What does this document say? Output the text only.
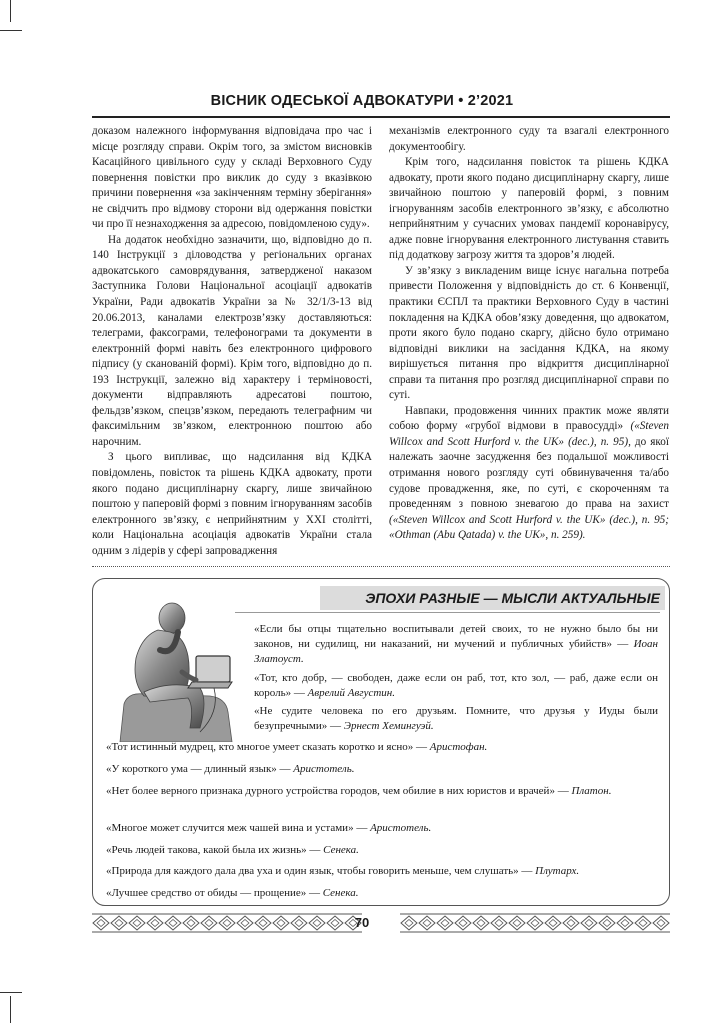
ВІСНИК ОДЕСЬКОЇ АДВОКАТУРИ • 2’2021

доказом належного інформування відповідача про час і місце розгляду справи. Окрім того, за змістом висновків Касаційного цивільного суду у складі Верховного Суду повернення повістки про виклик до суду з вказівкою причини повернення «за закінченням терміну зберігання» не свідчить про відмову сторони від одержання повістки чи про її незнаходження за адресою, повідомленою суду».

На додаток необхідно зазначити, що, відповідно до п. 140 Інструкції з діловодства у регіональних органах адвокатського самоврядування, затвердженої наказом Заступника Голови Національної асоціації адвокатів України, Ради адвокатів України за № 32/1/3-13 від 20.06.2013, каналами електрозв’язку доставляються: телеграми, факсограми, телефонограми та документи в електронній формі навіть без електронного цифрового підпису (у сканованій формі). Крім того, відповідно до п. 193 Інструкції, залежно від характеру і терміновості, документи відправляють адресатові поштою, фельдзв’язком, спецзв’язком, передають телеграфним чи факсимільним зв’язком, електронною поштою або нарочним.

З цього випливає, що надсилання від КДКА повідомлень, повісток та рішень КДКА адвокату, проти якого подано дисциплінарну скаргу, лише звичайною поштою у паперовій формі з повним ігноруванням засобів електронного зв’язку, є неприйнятним у XXI столітті, коли Національна асоціація адвокатів України стала одним з лідерів у сфері запровадження

механізмів електронного суду та взагалі електронного документообігу.

Крім того, надсилання повісток та рішень КДКА адвокату, проти якого подано дисциплінарну скаргу, лише звичайною поштою у паперовій формі, з повним ігноруванням засобів електронного зв’язку, є абсолютно неприйнятним у сучасних умовах пандемії коронавірусу, адже повне ігнорування електронного листування ставить під додаткову загрозу життя та здоров’я людей.

У зв’язку з викладеним вище існує нагальна потреба привести Положення у відповідність до ст. 6 Конвенції, практики ЄСПЛ та практики Верховного Суду в частині покладення на КДКА обов’язку доведення, що адвокатом, проти якого було подано скаргу, дійсно було отримано відповідні виклики на засідання КДКА, на якому вирішується питання про відкриття дисциплінарної справи та питання про розгляд дисциплінарної справи по суті.

Навпаки, продовження чинних практик може являти собою форму «грубої відмови в правосудді» («Steven Willcox and Scott Hurford v. the UK» (dec.), п. 95), до якої належать заочне засудження без подальшої можливості отримання нового розгляду суті обвинувачення та/або судове провадження, яке, по суті, є скороченням та проведенням з повною зневагою до права на захист («Steven Willcox and Scott Hurford v. the UK» (dec.), п. 95; «Othman (Abu Qatada) v. the UK», п. 259).

ЭПОХИ РАЗНЫЕ — МЫСЛИ АКТУАЛЬНЫЕ
«Если бы отцы тщательно воспитывали детей своих, то не нужно было бы ни законов, ни судилищ, ни наказаний, ни мучений и публичных убийств» — Иоан Златоуст.
«Тот, кто добр, — свободен, даже если он раб, тот, кто зол, — раб, даже если он король» — Аврелий Августин.
«Не судите человека по его друзьям. Помните, что друзья у Иуды были безупречными» — Эрнест Хемингуэй.
«Тот истинный мудрец, кто многое умеет сказать коротко и ясно» — Аристофан.
«У короткого ума — длинный язык» — Аристотель.
«Нет более верного признака дурного устройства городов, чем обилие в них юристов и врачей» — Платон.
«Многое может случится меж чашей вина и устами» — Аристотель.
«Речь людей такова, какой была их жизнь» — Сенека.
«Природа для каждого дала два уха и один язык, чтобы говорить меньше, чем слушать» — Плутарх.
«Лучшее средство от обиды — прощение» — Сенека.
70
